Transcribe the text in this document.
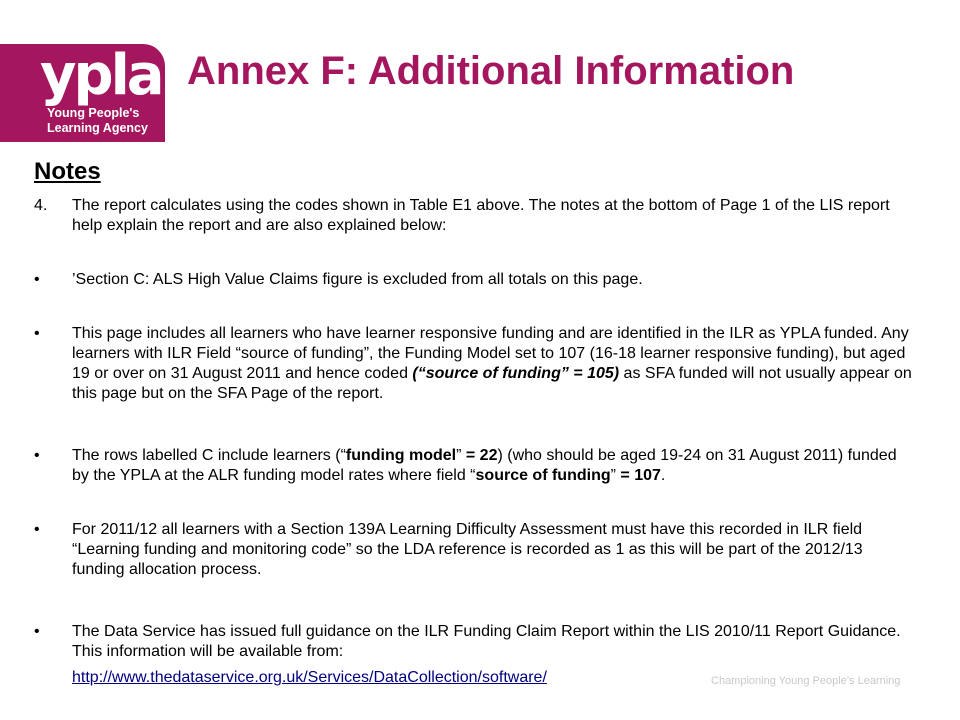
ypla
Young People's
Learning Agency
Annex F: Additional Information
Notes
4.	The report calculates using the codes shown in Table E1 above. The notes at the bottom of Page 1 of the LIS report help explain the report and are also explained below:
•	’Section C: ALS High Value Claims figure is excluded from all totals on this page.
•	This page includes all learners who have learner responsive funding and are identified in the ILR as YPLA funded. Any learners with ILR Field “source of funding”, the Funding Model set to 107 (16-18 learner responsive funding), but aged 19 or over on 31 August 2011 and hence coded (“source of funding” = 105) as SFA funded will not usually appear on this page but on the SFA Page of the report.
•	The rows labelled C include learners (“funding model” = 22) (who should be aged 19-24 on 31 August 2011) funded by the YPLA at the ALR funding model rates where field “source of funding” = 107.
•	For 2011/12 all learners with a Section 139A Learning Difficulty Assessment must have this recorded in ILR field “Learning funding and monitoring code” so the LDA reference is recorded as 1 as this will be part of the 2012/13 funding allocation process.
•	The Data Service has issued full guidance on the ILR Funding Claim Report within the LIS 2010/11 Report Guidance. This information will be available from:
http://www.thedataservice.org.uk/Services/DataCollection/software/	Championing Young People’s Learning
